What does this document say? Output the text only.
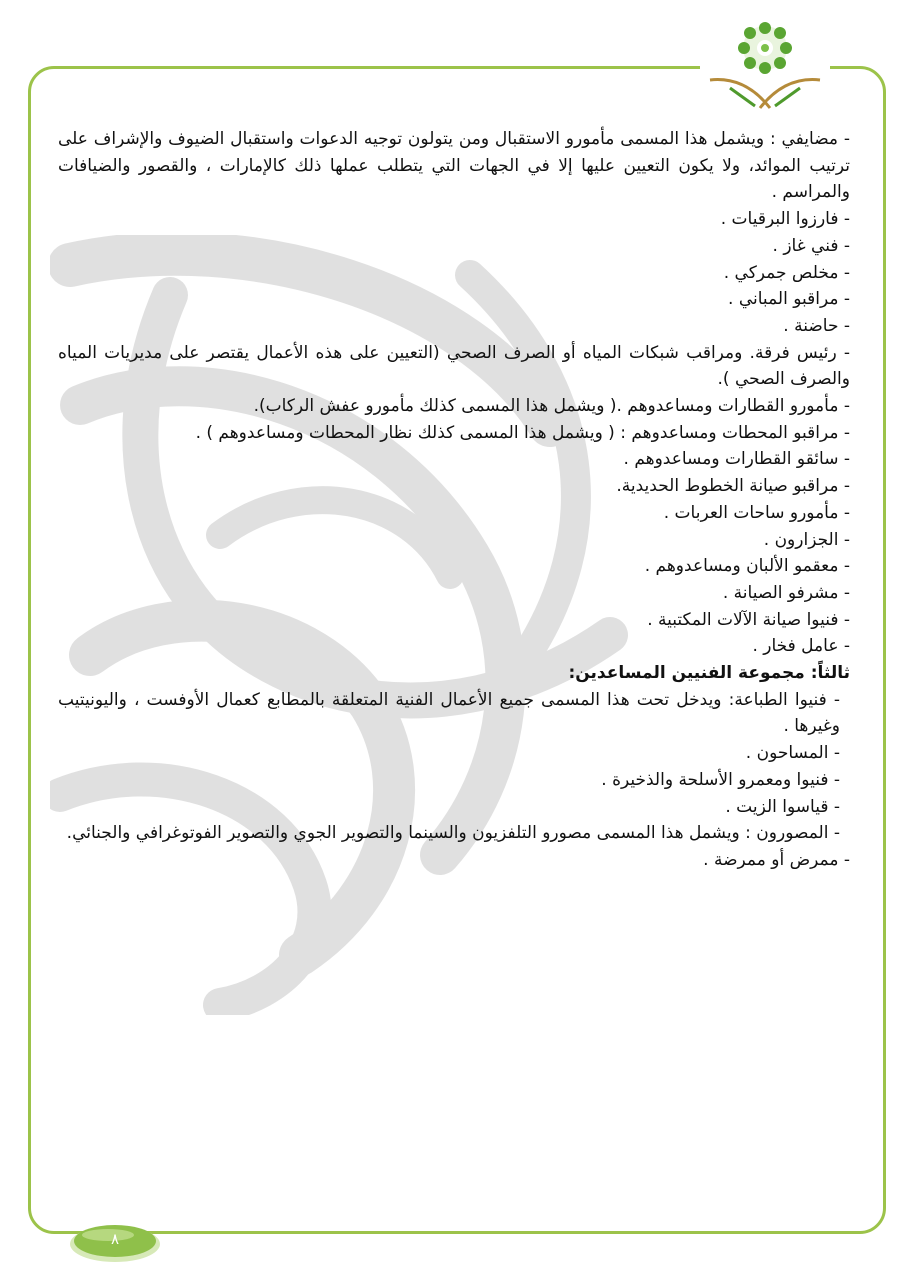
- مضايفي : ويشمل هذا المسمى مأمورو الاستقبال ومن يتولون توجيه الدعوات واستقبال الضيوف والإشراف على ترتيب الموائد، ولا يكون التعيين عليها إلا في الجهات التي يتطلب عملها ذلك كالإمارات ، والقصور والضيافات والمراسم .

- فارزوا البرقيات .

- فني غاز .

- مخلص جمركي .

- مراقبو المباني .

- حاضنة .

- رئيس فرقة. ومراقب شبكات المياه أو الصرف الصحي (التعيين على هذه الأعمال يقتصر على مديريات المياه والصرف الصحي ).

- مأمورو القطارات ومساعدوهم .( ويشمل هذا المسمى كذلك مأمورو عفش الركاب).

- مراقبو المحطات ومساعدوهم : ( ويشمل هذا المسمى كذلك نظار المحطات ومساعدوهم ) .

- سائقو القطارات ومساعدوهم .

- مراقبو صيانة الخطوط الحديدية.

- مأمورو ساحات العربات .

- الجزارون .

- معقمو الألبان ومساعدوهم .

- مشرفو الصيانة .

- فنيوا صيانة الآلات المكتبية .

- عامل فخار .

ثالثاً: مجموعة الفنيين المساعدين:

- فنيوا الطباعة: ويدخل تحت هذا المسمى جميع الأعمال الفنية المتعلقة بالمطابع كعمال الأوفست ، واليونيتيب وغيرها .

- المساحون .

- فنيوا ومعمرو الأسلحة والذخيرة .

- قياسوا الزيت .

- المصورون : ويشمل هذا المسمى مصورو التلفزيون والسينما والتصوير الجوي والتصوير الفوتوغرافي والجنائي.

- ممرض أو ممرضة .

٨
